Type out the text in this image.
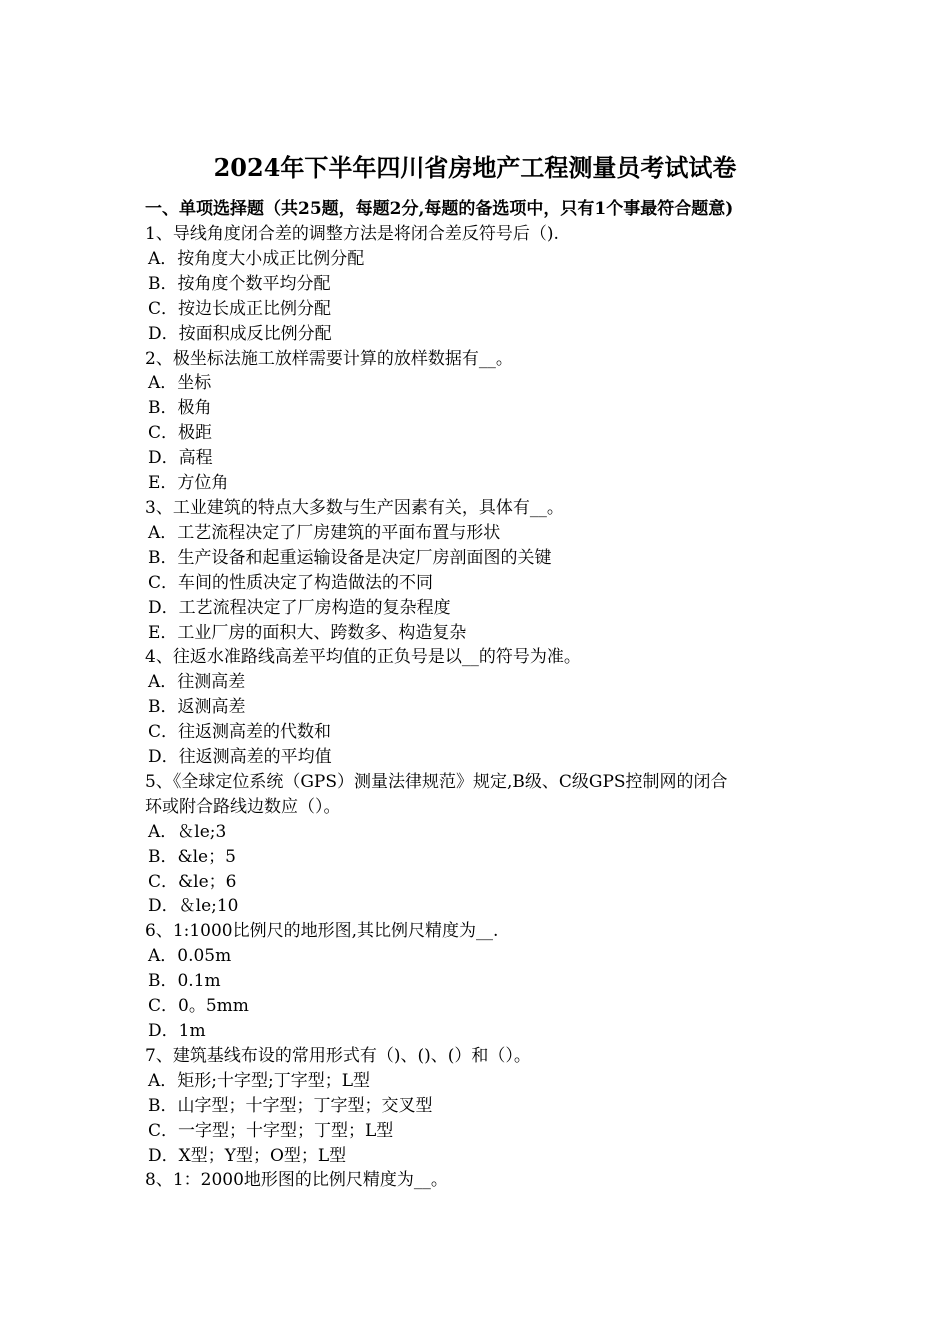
2024年下半年四川省房地产工程测量员考试试卷
一、单项选择题（共25题，每题2分,每题的备选项中，只有1个事最符合题意)
1、导线角度闭合差的调整方法是将闭合差反符号后（).
A．按角度大小成正比例分配
B．按角度个数平均分配
C．按边长成正比例分配
D．按面积成反比例分配
2、极坐标法施工放样需要计算的放样数据有__。
A．坐标
B．极角
C．极距
D．高程
E．方位角
3、工业建筑的特点大多数与生产因素有关，具体有__。
A．工艺流程决定了厂房建筑的平面布置与形状
B．生产设备和起重运输设备是决定厂房剖面图的关键
C．车间的性质决定了构造做法的不同
D．工艺流程决定了厂房构造的复杂程度
E．工业厂房的面积大、跨数多、构造复杂
4、往返水准路线高差平均值的正负号是以__的符号为准。
A．往测高差
B．返测高差
C．往返测高差的代数和
D．往返测高差的平均值
5、《全球定位系统（GPS）测量法律规范》规定,B级、C级GPS控制网的闭合
环或附合路线边数应（）。
A．＆le;3
B．&le；5
C．&le；6
D．＆le;10
6、1:1000比例尺的地形图,其比例尺精度为__.
A．0.05m
B．0.1m
C．0。5mm
D．1m
7、建筑基线布设的常用形式有（)、()、(）和（）。
A．矩形;十字型;丁字型；L型
B．山字型；十字型；丁字型；交叉型
C．一字型；十字型；丁型；L型
D．X型；Y型；O型；L型
8、1：2000地形图的比例尺精度为__。
